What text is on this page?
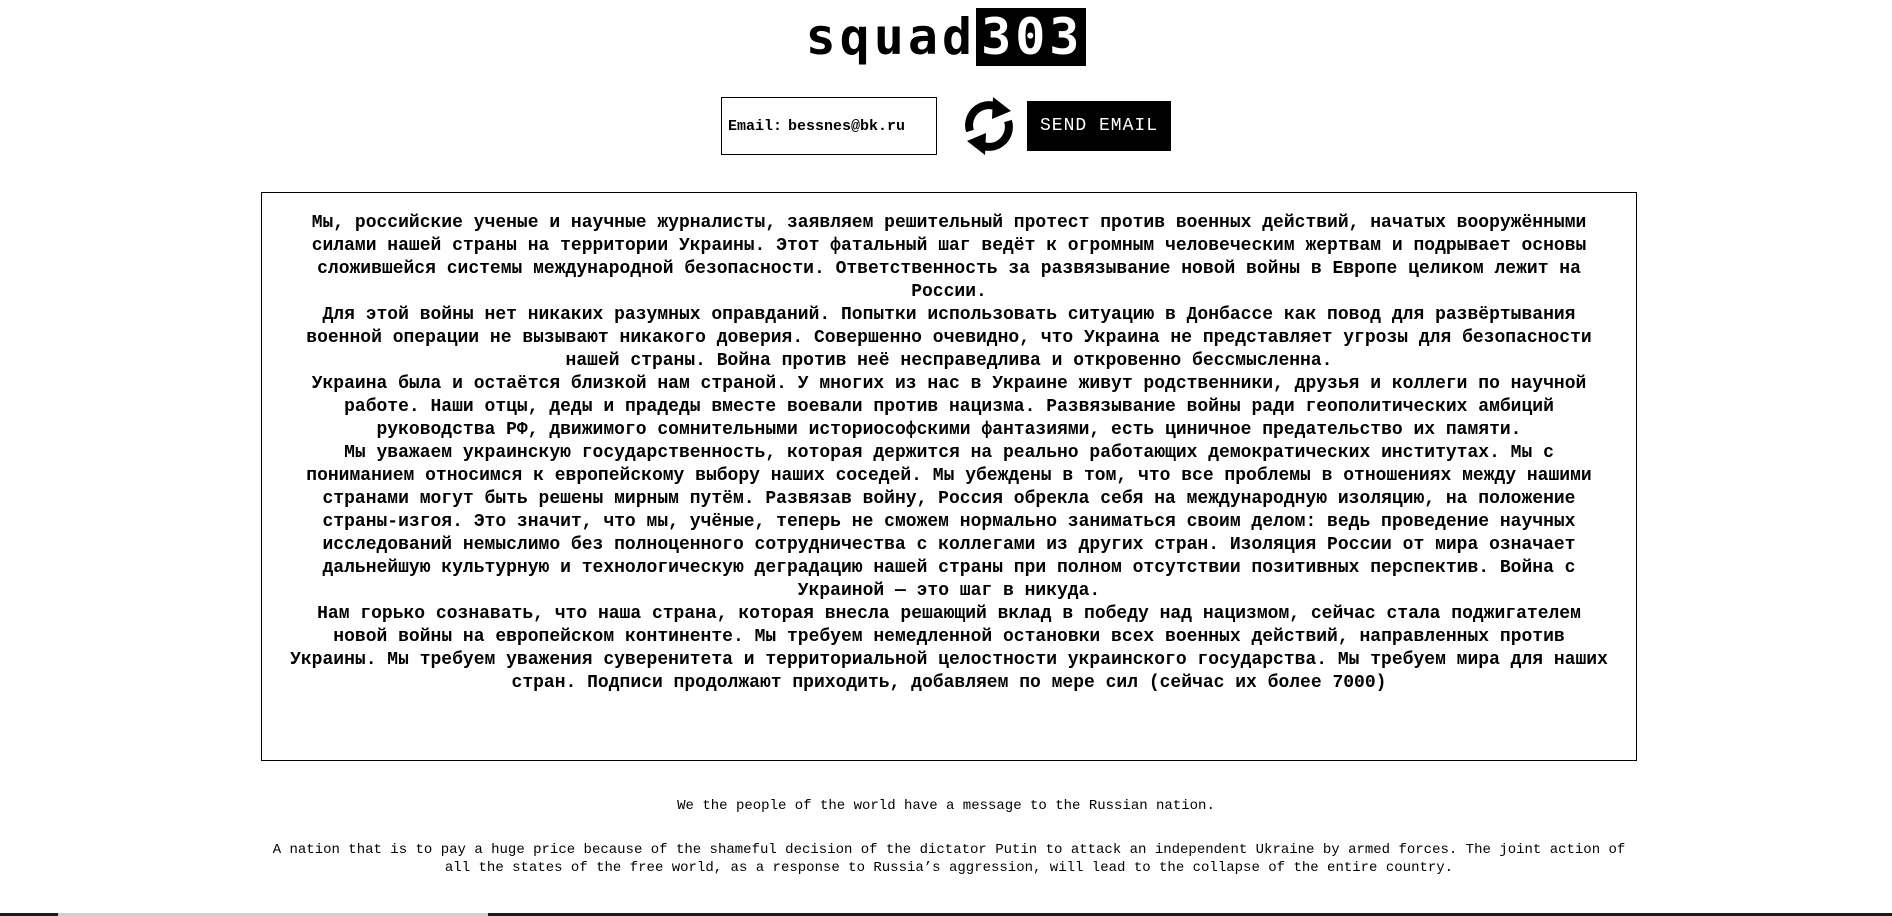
squad 303
Email: bessnes@bk.ru	SEND EMAIL

Мы, российские ученые и научные журналисты, заявляем решительный протест против военных действий, начатых вооружёнными силами нашей страны на территории Украины. Этот фатальный шаг ведёт к огромным человеческим жертвам и подрывает основы сложившейся системы международной безопасности. Ответственность за развязывание новой войны в Европе целиком лежит на России.

Для этой войны нет никаких разумных оправданий. Попытки использовать ситуацию в Донбассе как повод для развёртывания военной операции не вызывают никакого доверия. Совершенно очевидно, что Украина не представляет угрозы для безопасности нашей страны. Война против неё несправедлива и откровенно бессмысленна.

Украина была и остаётся близкой нам страной. У многих из нас в Украине живут родственники, друзья и коллеги по научной работе. Наши отцы, деды и прадеды вместе воевали против нацизма. Развязывание войны ради геополитических амбиций руководства РФ, движимого сомнительными историософскими фантазиями, есть циничное предательство их памяти.

Мы уважаем украинскую государственность, которая держится на реально работающих демократических институтах. Мы с пониманием относимся к европейскому выбору наших соседей. Мы убеждены в том, что все проблемы в отношениях между нашими странами могут быть решены мирным путём. Развязав войну, Россия обрекла себя на международную изоляцию, на положение страны-изгоя. Это значит, что мы, учёные, теперь не сможем нормально заниматься своим делом: ведь проведение научных исследований немыслимо без полноценного сотрудничества с коллегами из других стран. Изоляция России от мира означает дальнейшую культурную и технологическую деградацию нашей страны при полном отсутствии позитивных перспектив. Война с Украиной — это шаг в никуда.

Нам горько сознавать, что наша страна, которая внесла решающий вклад в победу над нацизмом, сейчас стала поджигателем новой войны на европейском континенте. Мы требуем немедленной остановки всех военных действий, направленных против Украины. Мы требуем уважения суверенитета и территориальной целостности украинского государства. Мы требуем мира для наших стран. Подписи продолжают приходить, добавляем по мере сил (сейчас их более 7000)

We the people of the world have a message to the Russian nation.
A nation that is to pay a huge price because of the shameful decision of the dictator Putin to attack an independent Ukraine by armed forces. The joint action of all the states of the free world, as a response to Russia’s aggression, will lead to the collapse of the entire country.
